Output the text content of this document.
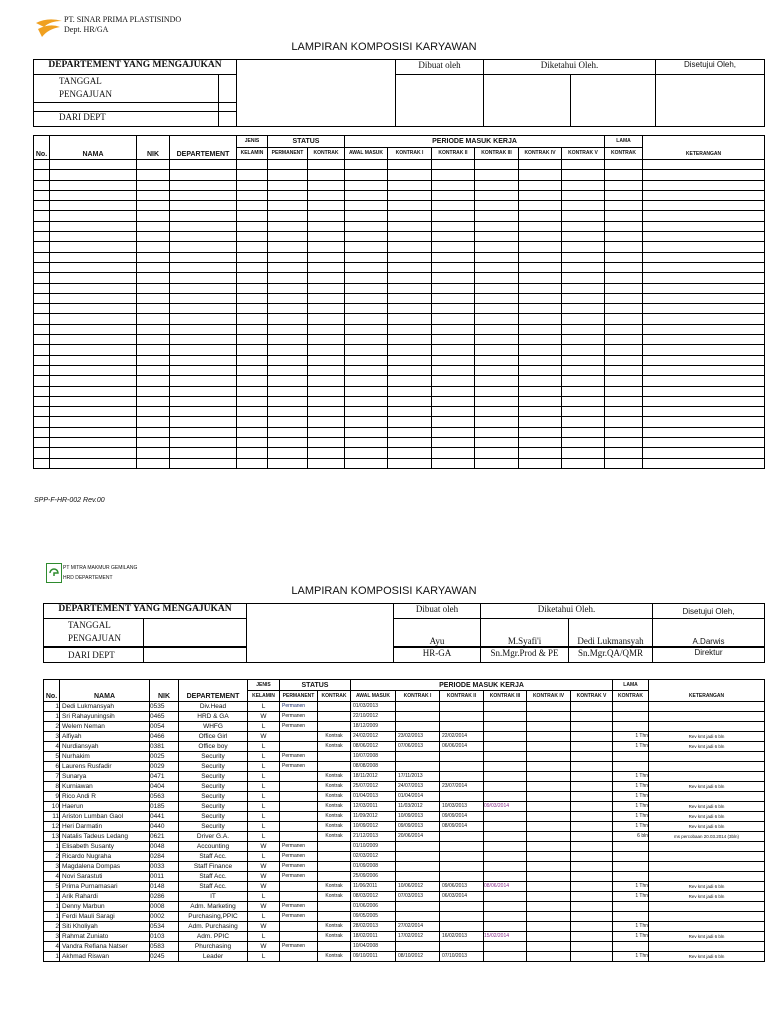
PT. SINAR PRIMA PLASTISINDO
Dept. HR/GA
LAMPIRAN KOMPOSISI KARYAWAN
DEPARTEMENT YANG MENGAJUKAN			Dibuat oleh	Diketahui Oleh.		Disetujui Oleh,
TANGGAL
PENGAJUAN						

DARI DEPT						
No.	NAMA	NIK	DEPARTEMENT	JENIS	STATUS		PERIODE MASUK KERJA						LAMA	KETERANGAN
				KELAMIN	PERMANENT	KONTRAK	AWAL MASUK	KONTRAK I	KONTRAK II	KONTRAK III	KONTRAK IV	KONTRAK V	KONTRAK	

SPP-F-HR-002 Rev.00
PT MITRA MAKMUR GEMILANG
HRD DEPARTEMENT
LAMPIRAN KOMPOSISI KARYAWAN
DEPARTEMENT YANG MENGAJUKAN			Dibuat oleh	Diketahui Oleh.		Disetujui Oleh,
TANGGAL
PENGAJUAN			Ayu	M.Syafi'i	Dedi Lukmansyah	A.Darwis

DARI DEPT			HR-GA	Sn.Mgr.Prod & PE	Sn.Mgr.QA/QMR	Direktur
No.	NAMA	NIK	DEPARTEMENT	JENIS	STATUS		PERIODE MASUK KERJA						LAMA	KETERANGAN
				KELAMIN	PERMANENT	KONTRAK	AWAL MASUK	KONTRAK I	KONTRAK II	KONTRAK III	KONTRAK IV	KONTRAK V	KONTRAK	
1	Dedi Lukmansyah	0535	Div.Head	L	Permanen		01/03/2013							
1	Sri Rahayuningsih	0465	HRD & GA	W	Permanen		22/10/2012							
2	Welem Neman	0054	WHFG	L	Permanen		18/12/2009							
3	Alfiyah	0466	Office Girl	W		Kontrak	24/02/2012	23/02/2013	22/02/2014				1 Thn	Rev kmt jadi 6 bln
4	Nurdiansyah	0381	Office boy	L		Kontrak	08/06/2012	07/06/2013	06/06/2014				1 Thn	Rev kmt jadi 6 bln
5	Nurhakim	0025	Security	L	Permanen		10/07/2008							
6	Laurens Rusfadir	0029	Security	L	Permanen		08/08/2008							
7	Sunarya	0471	Security	L		Kontrak	18/11/2012	17/11/2013					1 Thn	
8	Kurniawan	0404	Security	L		Kontrak	25/07/2012	24/07/2013	23/07/2014				1 Thn	Rev kmt jadi 6 bln
9	Rico Andi R	0563	Security	L		Kontrak	01/04/2013	01/04/2014					1 Thn	
10	Haerun	0185	Security	L		Kontrak	12/03/2011	11/03/2012	10/03/2013	09/03/2014			1 Thn	Rev kmt jadi 6 bln
11	Ariston Lumban Gaol	0441	Security	L		Kontrak	11/09/2012	10/09/2013	09/09/2014				1 Thn	Rev kmt jadi 6 bln
12	Heri Darmatin	0440	Security	L		Kontrak	10/09/2012	09/09/2013	08/09/2014				1 Thn	Rev kmt jadi 6 bln
13	Natalis Tadeus Ledang	0621	Driver G.A.	L		Kontrak	21/12/2013	20/06/2014					6 bln	ms percobaan 20.03.2014 (3bln)
1	Elisabeth Susanty	0048	Accounting	W	Permanen		01/10/2009							
2	Ricardo Nugraha	0284	Staff Acc.	L	Permanen		02/03/2012							
3	Magdalena Dompas	0033	Staff Finance	W	Permanen		01/09/2008							
4	Novi Sarastuti	0011	Staff Acc.	W	Permanen		25/09/2006							
5	Prima Purnamasari	0148	Staff Acc.	W		Kontrak	11/06/2011	10/06/2012	09/06/2013	08/06/2014			1 Thn	Rev kmt jadi 6 bln
1	Arik Rahardi	0286	IT	L		Kontrak	08/03/2012	07/03/2013	06/03/2014				1 Thn	Rev kmt jadi 6 bln
1	Denny Marbun	0008	Adm. Marketing	W	Permanen		01/06/2006							
1	Ferdi Mauli Saragi	0002	Purchasing,PPIC	L	Permanen		09/05/2005							
2	Siti Kholiyah	0534	Adm. Purchasing	W		Kontrak	28/02/2013	27/02/2014					1 Thn	
3	Rahmat Zuniato	0103	Adm. PPIC	L		Kontrak	18/02/2011	17/02/2012	16/02/2013	15/02/2014			1 Thn	Rev kmt jadi 6 bln
4	Vandra Refiana Natser	0583	Phurchasing	W	Permanen		10/04/2008							
1	Akhmad Riswan	0245	Leader	L		Kontrak	09/10/2011	08/10/2012	07/10/2013				1 Thn	Rev kmt jadi 6 bln
